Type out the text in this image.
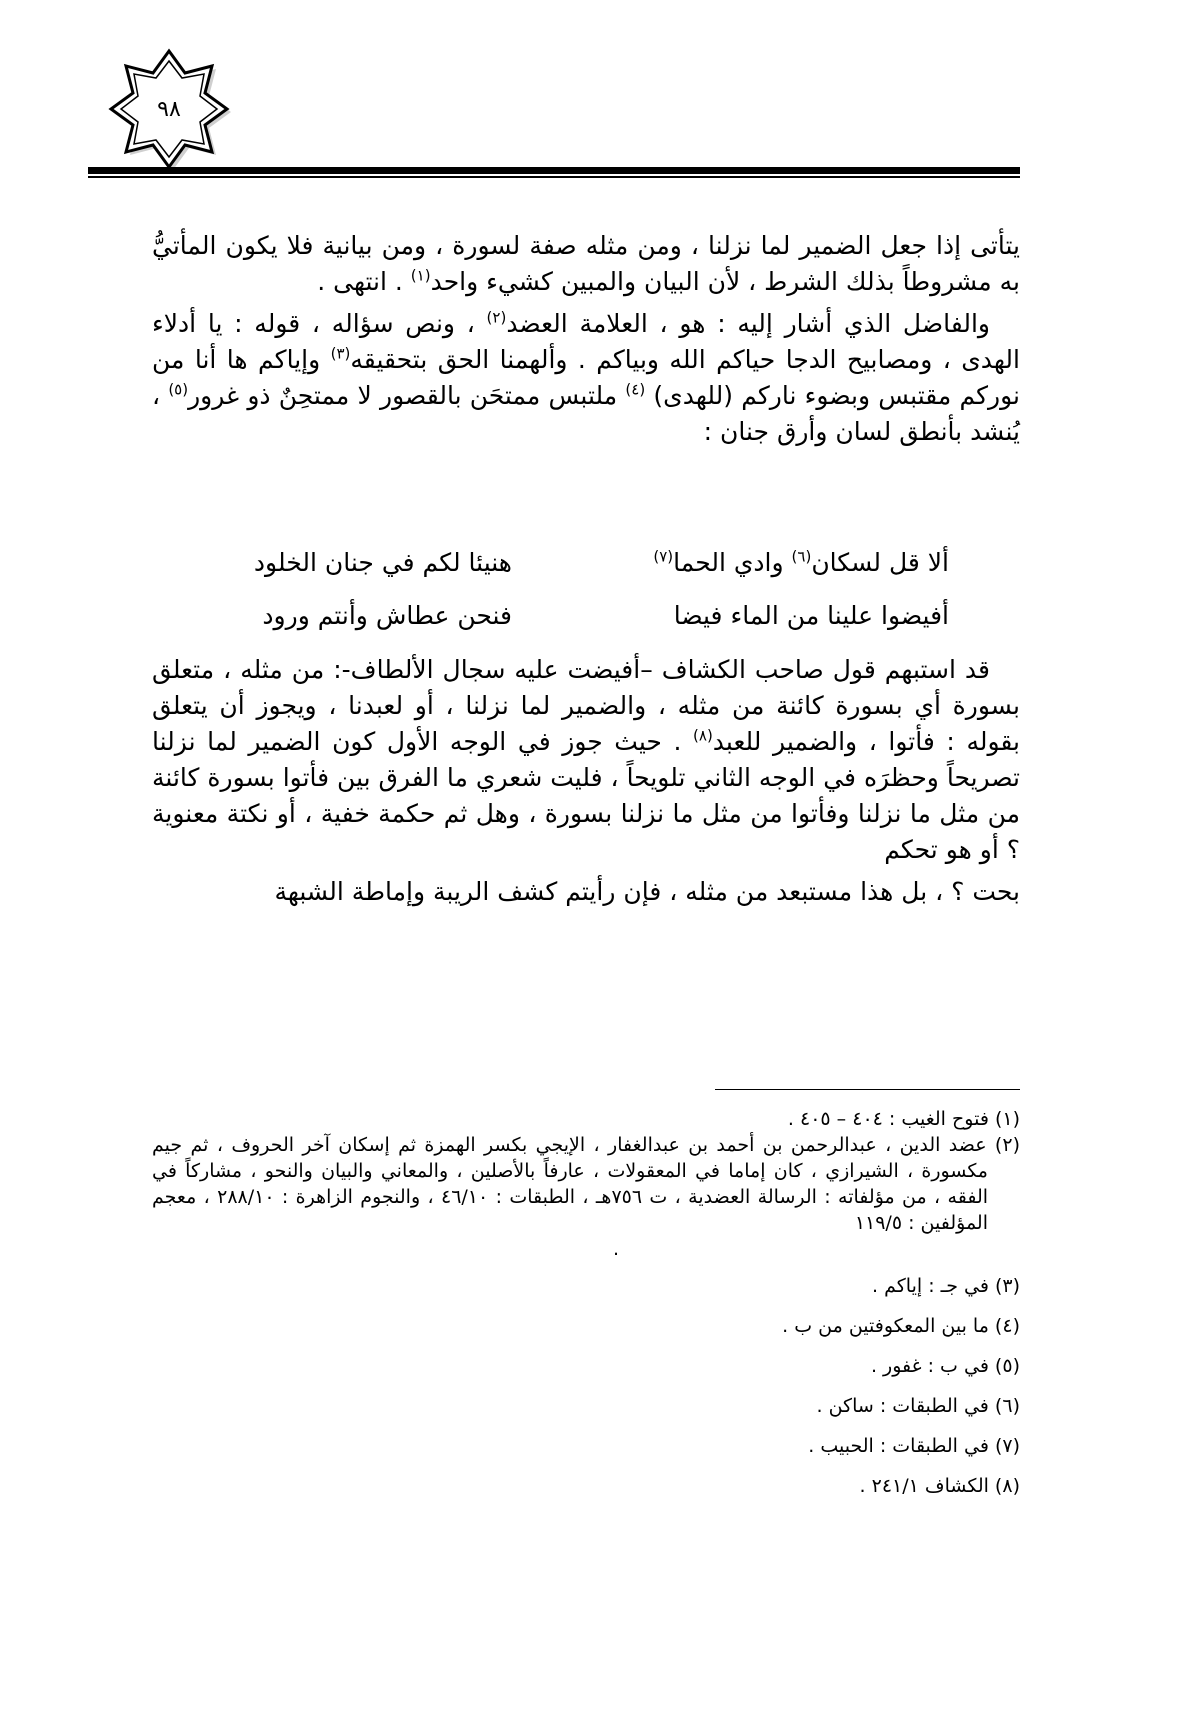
٩٨

يتأتى إذا جعل الضمير لما نزلنا ، ومن مثله صفة لسورة ، ومن بيانية فلا يكون المأتيُّ به مشروطاً بذلك الشرط ، لأن البيان والمبين كشيء واحد$^{(١)}$ . انتهى .

والفاضل الذي أشار إليه : هو ، العلامة العضد$^{(٢)}$ ، ونص سؤاله ، قوله : يا أدلاء الهدى ، ومصابيح الدجا حياكم الله وبياكم . وألهمنا الحق بتحقيقه$^{(٣)}$ وإياكم ها أنا من نوركم مقتبس وبضوء ناركم (للهدى) $^{(٤)}$ ملتبس ممتحَن بالقصور لا ممتحِنٌ ذو غرور$^{(٥)}$ ، يُنشد بأنطق لسان وأرق جنان :

ألا قل لسكان$^{(٦)}$ وادي الحما$^{(٧)}$
هنيئا لكم في جنان الخلود
أفيضوا علينا من الماء فيضا
فنحن عطاش وأنتم ورود

قد استبهم قول صاحب الكشاف –أفيضت عليه سجال الألطاف-: من مثله ، متعلق بسورة أي بسورة كائنة من مثله ، والضمير لما نزلنا ، أو لعبدنا ، ويجوز أن يتعلق بقوله : فأتوا ، والضمير للعبد$^{(٨)}$ . حيث جوز في الوجه الأول كون الضمير لما نزلنا تصريحاً وحظرَه في الوجه الثاني تلويحاً ، فليت شعري ما الفرق بين فأتوا بسورة كائنة من مثل ما نزلنا وفأتوا من مثل ما نزلنا بسورة ، وهل ثم حكمة خفية ، أو نكتة معنوية ؟ أو هو تحكم

بحت ؟ ، بل هذا مستبعد من مثله ، فإن رأيتم كشف الريبة وإماطة الشبهة

(١) فتوح الغيب : ٤٠٤ – ٤٠٥ .

(٢) عضد الدين ، عبدالرحمن بن أحمد بن عبدالغفار ، الإيجي بكسر الهمزة ثم إسكان آخر الحروف ، ثم جيم مكسورة ، الشيرازي ، كان إماما في المعقولات ، عارفاً بالأصلين ، والمعاني والبيان والنحو ، مشاركاً في الفقه ، من مؤلفاته : الرسالة العضدية ، ت ٧٥٦هـ ، الطبقات : ٤٦/١٠ ، والنجوم الزاهرة : ٢٨٨/١٠ ، معجم المؤلفين : ١١٩/٥

.

(٣) في جـ : إياكم .

(٤) ما بين المعكوفتين من ب .

(٥) في ب : غفور .

(٦) في الطبقات : ساكن .

(٧) في الطبقات : الحبيب .

(٨) الكشاف ٢٤١/١ .
